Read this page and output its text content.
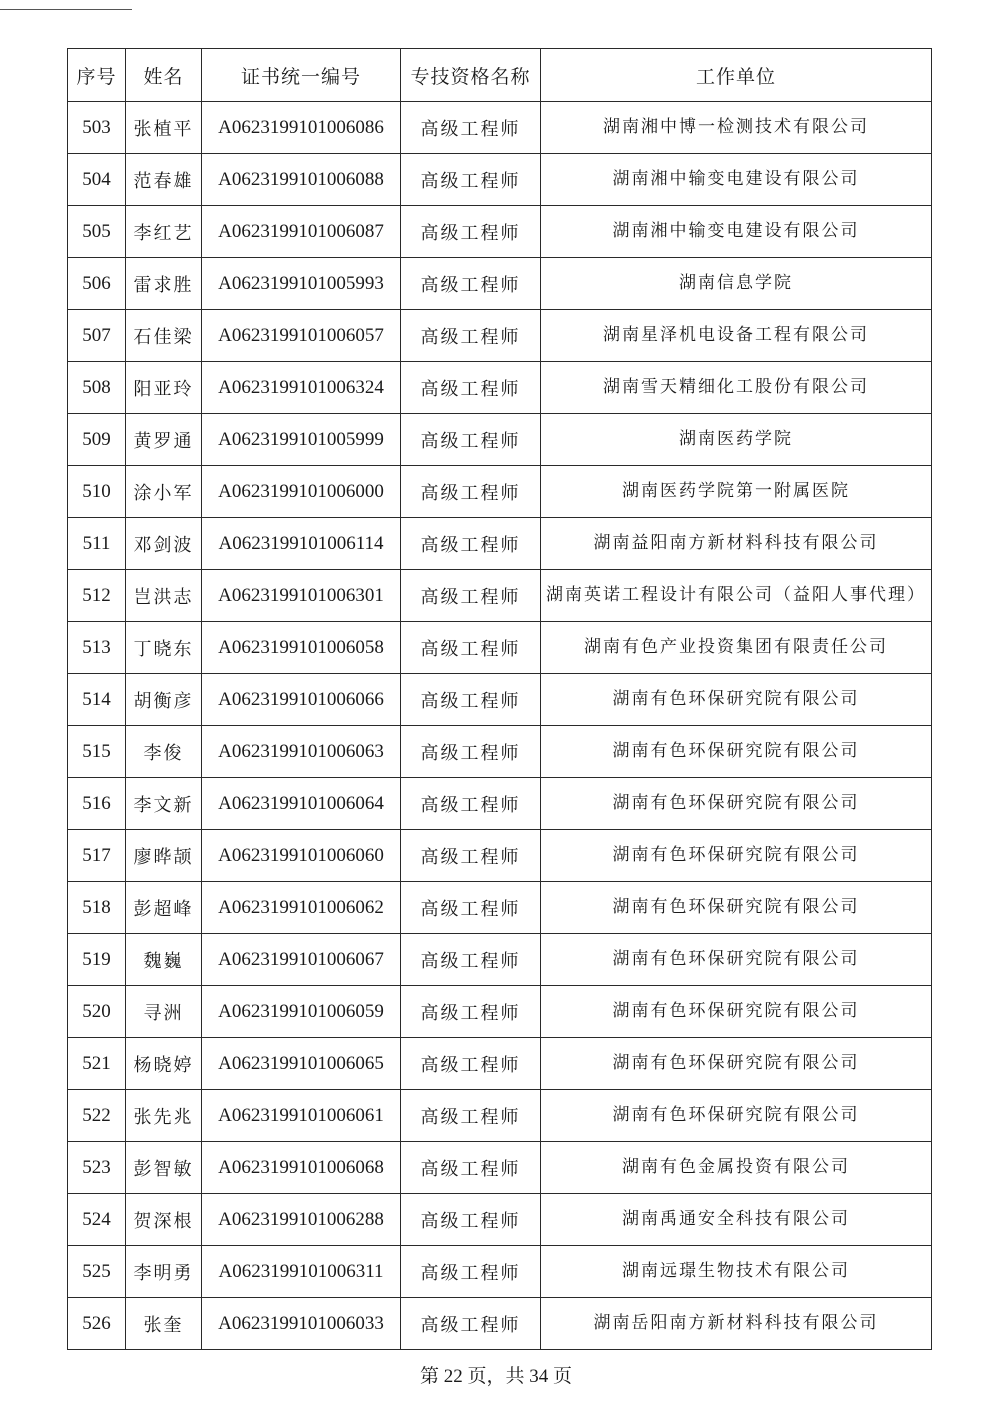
序号	姓名	证书统一编号	专技资格名称	工作单位
503	张植平	A0623199101006086	高级工程师	湖南湘中博一检测技术有限公司
504	范春雄	A0623199101006088	高级工程师	湖南湘中输变电建设有限公司
505	李红艺	A0623199101006087	高级工程师	湖南湘中输变电建设有限公司
506	雷求胜	A0623199101005993	高级工程师	湖南信息学院
507	石佳梁	A0623199101006057	高级工程师	湖南星泽机电设备工程有限公司
508	阳亚玲	A0623199101006324	高级工程师	湖南雪天精细化工股份有限公司
509	黄罗通	A0623199101005999	高级工程师	湖南医药学院
510	涂小军	A0623199101006000	高级工程师	湖南医药学院第一附属医院
511	邓剑波	A0623199101006114	高级工程师	湖南益阳南方新材料科技有限公司
512	岂洪志	A0623199101006301	高级工程师	湖南英诺工程设计有限公司（益阳人事代理）
513	丁晓东	A0623199101006058	高级工程师	湖南有色产业投资集团有限责任公司
514	胡衡彦	A0623199101006066	高级工程师	湖南有色环保研究院有限公司
515	李俊	A0623199101006063	高级工程师	湖南有色环保研究院有限公司
516	李文新	A0623199101006064	高级工程师	湖南有色环保研究院有限公司
517	廖晔颉	A0623199101006060	高级工程师	湖南有色环保研究院有限公司
518	彭超峰	A0623199101006062	高级工程师	湖南有色环保研究院有限公司
519	魏巍	A0623199101006067	高级工程师	湖南有色环保研究院有限公司
520	寻洲	A0623199101006059	高级工程师	湖南有色环保研究院有限公司
521	杨晓婷	A0623199101006065	高级工程师	湖南有色环保研究院有限公司
522	张先兆	A0623199101006061	高级工程师	湖南有色环保研究院有限公司
523	彭智敏	A0623199101006068	高级工程师	湖南有色金属投资有限公司
524	贺深根	A0623199101006288	高级工程师	湖南禹通安全科技有限公司
525	李明勇	A0623199101006311	高级工程师	湖南远璟生物技术有限公司
526	张奎	A0623199101006033	高级工程师	湖南岳阳南方新材料科技有限公司
第 22 页，共 34 页
